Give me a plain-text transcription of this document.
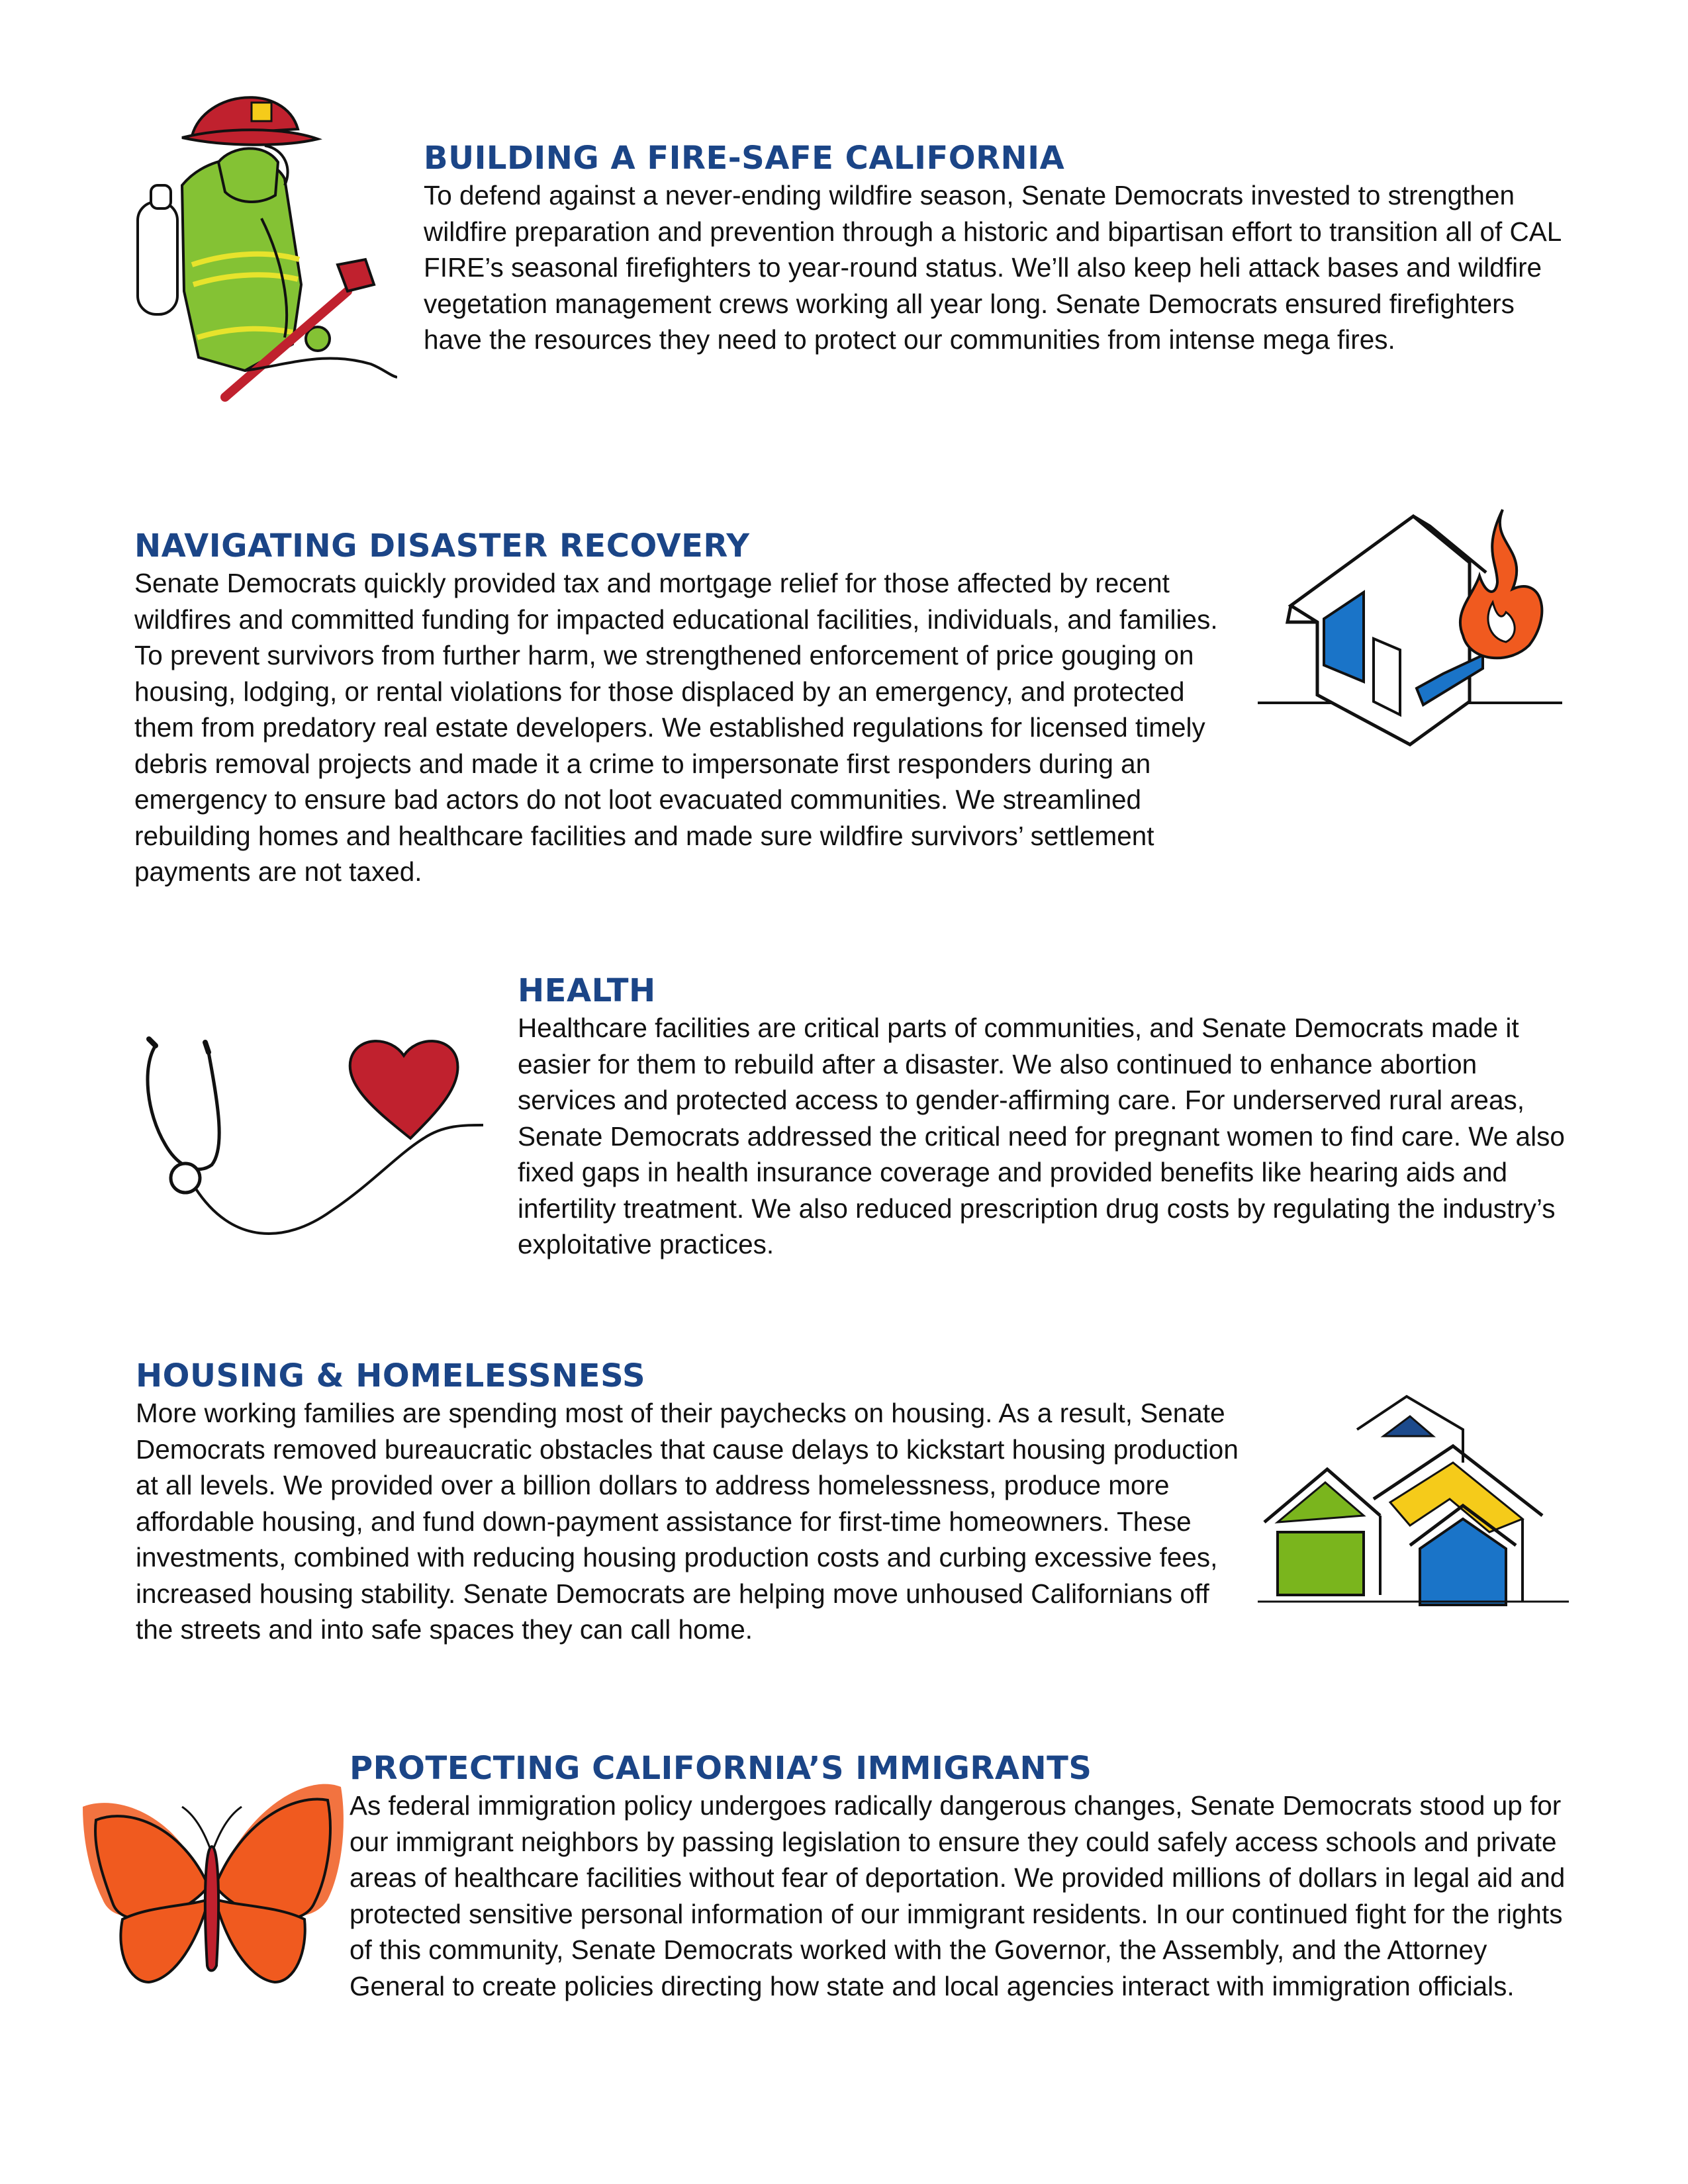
BUILDING A FIRE-SAFE CALIFORNIA

To defend against a never-ending wildfire season, Senate Democrats invested to strengthen wildfire preparation and prevention through a historic and bipartisan effort to transition all of CAL FIRE’s seasonal firefighters to year-round status. We’ll also keep heli attack bases and wildfire vegetation management crews working all year long. Senate Democrats ensured firefighters have the resources they need to protect our communities from intense mega fires.

NAVIGATING DISASTER RECOVERY

Senate Democrats quickly provided tax and mortgage relief for those affected by recent wildfires and committed funding for impacted educational facilities, individuals, and families. To prevent survivors from further harm, we strengthened enforcement of price gouging on housing, lodging, or rental violations for those displaced by an emergency, and protected them from predatory real estate developers. We established regulations for licensed timely debris removal projects and made it a crime to impersonate first responders during an emergency to ensure bad actors do not loot evacuated communities. We streamlined rebuilding homes and healthcare facilities and made sure wildfire survivors’ settlement payments are not taxed.

HEALTH

Healthcare facilities are critical parts of communities, and Senate Democrats made it easier for them to rebuild after a disaster. We also continued to enhance abortion services and protected access to gender-affirming care. For underserved rural areas, Senate Democrats addressed the critical need for pregnant women to find care. We also fixed gaps in health insurance coverage and provided benefits like hearing aids and infertility treatment. We also reduced prescription drug costs by regulating the industry’s exploitative practices.

HOUSING & HOMELESSNESS

More working families are spending most of their paychecks on housing. As a result, Senate Democrats removed bureaucratic obstacles that cause delays to kickstart housing production at all levels. We provided over a billion dollars to address homelessness, produce more affordable housing, and fund down-payment assistance for first-time homeowners. These investments, combined with reducing housing production costs and curbing excessive fees, increased housing stability. Senate Democrats are helping move unhoused Californians off the streets and into safe spaces they can call home.

PROTECTING CALIFORNIA’S IMMIGRANTS

As federal immigration policy undergoes radically dangerous changes, Senate Democrats stood up for our immigrant neighbors by passing legislation to ensure they could safely access schools and private areas of healthcare facilities without fear of deportation. We provided millions of dollars in legal aid and protected sensitive personal information of our immigrant residents. In our continued fight for the rights of this community, Senate Democrats worked with the Governor, the Assembly, and the Attorney General to create policies directing how state and local agencies interact with immigration officials.
